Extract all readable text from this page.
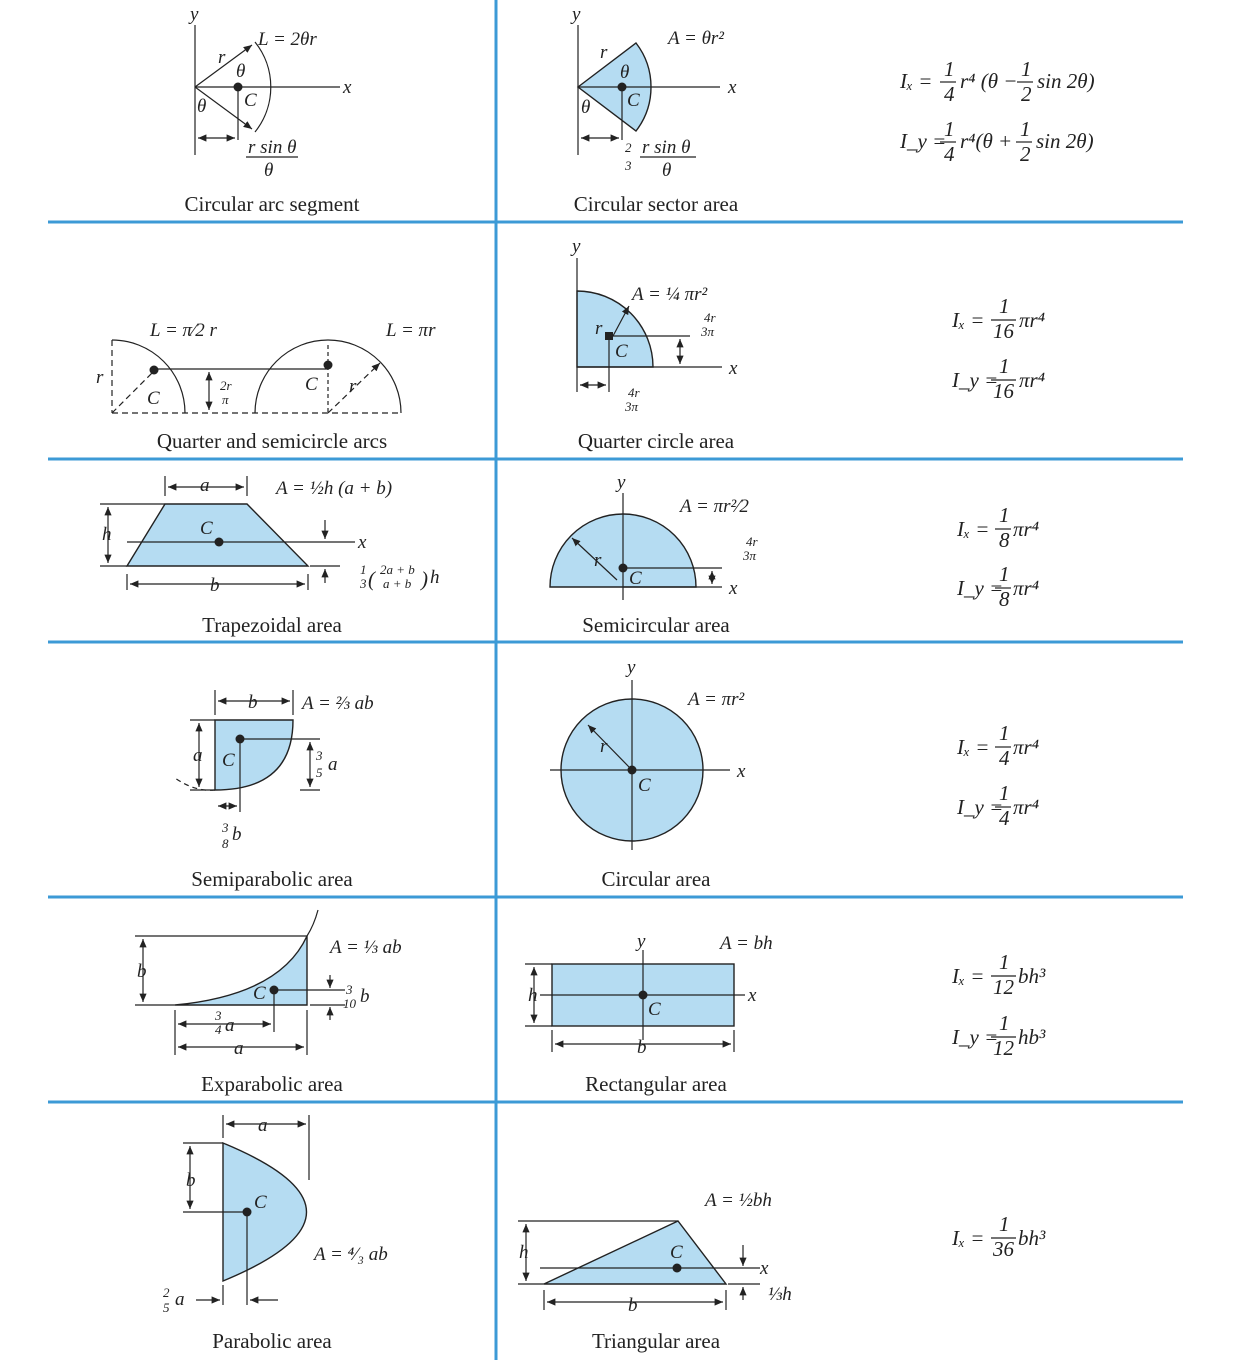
y
x
L = 2θr
r
θ
θ C
r sin θ
θ
Circular arc segment
y
x
A = θr²
r
θ
θ C
2
3
r sin θ
θ
Circular sector area
Iₓ = 1
4
r⁴ (θ − 1
2
sin 2θ)
I_y =
1
4
r⁴(θ + 1
2
sin 2θ)
L = π⁄2 r	L = πr
r	r
C
C
2r
π
Quarter and semicircle arcs
y
x
A = ¼ πr²
r
C
4r
3π
4r
3π
Quarter circle area
Iₓ =
1
16 πr⁴
I_y =
1
16 πr⁴
a
b
h	x
C
A = ½h (a + b)
1
3 ( 2a + b
a + b ) h
Trapezoidal area
y
x
A = πr²⁄2
r
C
4r
3π
Semicircular area
Iₓ =
1
8 πr⁴
I_y =
1
8 πr⁴
b
a C
A = ⅔ ab
3
5 a
3
8 b
Semiparabolic area
y
x
A = πr²
r
C
Circular area
Iₓ =
1
4 πr⁴
I_y =
1
4 πr⁴
b
a
C
A = ⅓ ab
3
4 a
3
10 b
Exparabolic area
y
x
A = bh
b
h
C
Rectangular area
Iₓ =
1
12 bh³
I_y =
1
12 hb³
a
b
C
A = ⁴⁄₃ ab
2
5 a
Parabolic area
A = ½bh
b
h
x
C
⅓h
Triangular area
Iₓ =
1
36 bh³
